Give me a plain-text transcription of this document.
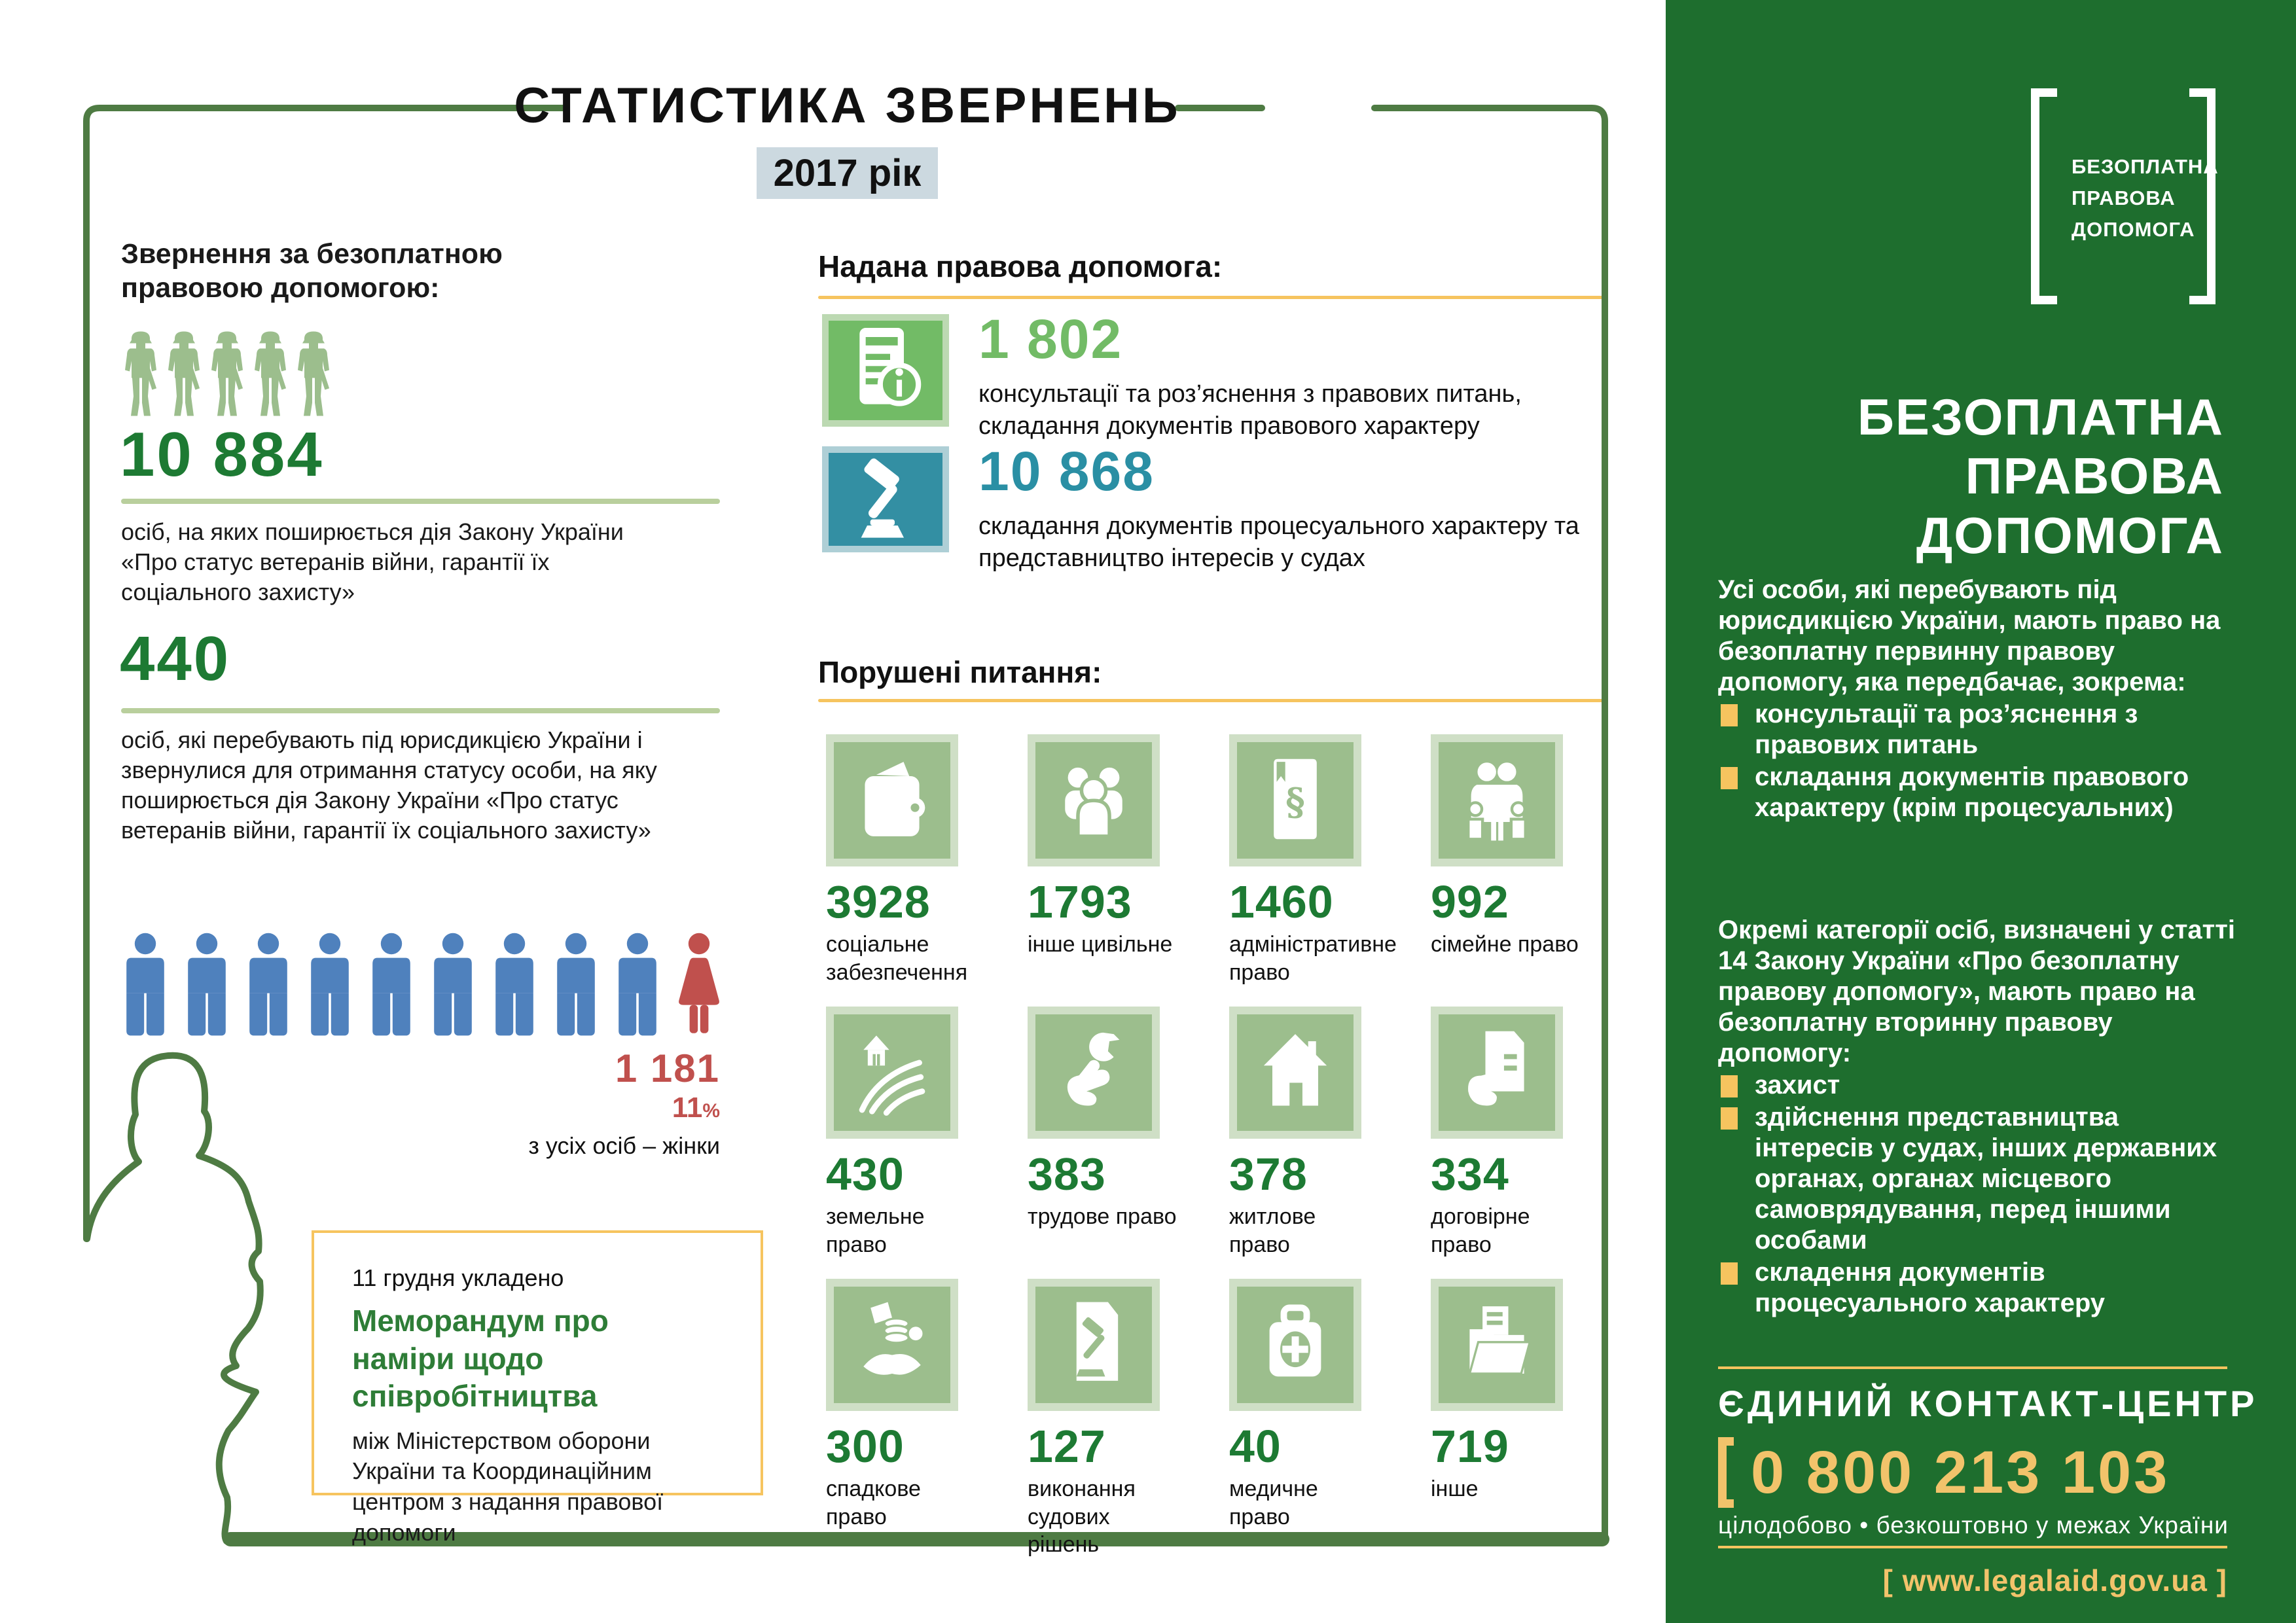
СТАТИСТИКА ЗВЕРНЕНЬ
2017 рік
Звернення за безоплатною правовою допомогою:
10 884
осіб, на яких поширюється дія Закону України «Про статус ветеранів війни, гарантії їх соціального захисту»
440
осіб, які перебувають під юрисдикцією України і звернулися для отримання статусу особи, на яку поширюється дія Закону України «Про статус ветеранів війни, гарантії їх соціального захисту»
1 181
11%
з усіх осіб – жінки
11 грудня укладено
Меморандум про наміри щодо співробітництва
між Міністерством оборони України та Координаційним центром з надання правової допомоги
Надана правова допомога:
1 802
консультації та роз’яснення з правових питань, складання документів правового характеру
10 868
складання документів процесуального характеру та представництво інтересів у судах
Порушені питання:
3928
соціальне забезпечення
1793
інше цивільне
§
1460
адміністративне право
992
сімейне право
430
земельне право
383
трудове право
378
житлове право
334
договірне право
300
спадкове право
127
виконання судових рішень
40
медичне право
719
інше
БЕЗОПЛАТНА
ПРАВОВА
ДОПОМОГА
БЕЗОПЛАТНА
ПРАВОВА
ДОПОМОГА
Усі особи, які перебувають під юрисдикцією України, мають право на безоплатну первинну правову допомогу, яка передбачає, зокрема:
консультації та роз’яснення з правових питань
складання документів правового характеру (крім процесуальних)
Окремі категорії осіб, визначені у статті 14 Закону України «Про безоплатну правову допомогу», мають право на безоплатну вторинну правову допомогу:
захист
здійснення представництва інтересів у судах, інших державних органах, органах місцевого самоврядування, перед іншими особами
складення документів процесуального характеру
ЄДИНИЙ КОНТАКТ-ЦЕНТР
0 800 213 103
цілодобово • безкоштовно у межах України
[ www.legalaid.gov.ua ]
